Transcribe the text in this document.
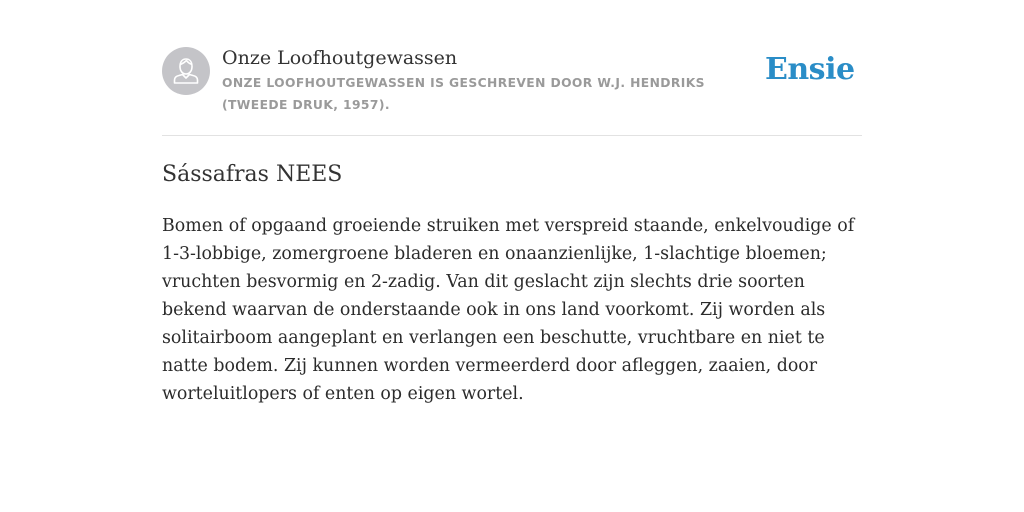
Onze Loofhoutgewassen
ONZE LOOFHOUTGEWASSEN IS GESCHREVEN DOOR W.J. HENDRIKS (TWEEDE DRUK, 1957).
Ensie
Sássafras NEES

Bomen of opgaand groeiende struiken met verspreid staande, enkelvoudige of 1-3-lobbige, zomergroene bladeren en onaanzienlijke, 1-slachtige bloemen; vruchten besvormig en 2-zadig. Van dit geslacht zijn slechts drie soorten bekend waarvan de onderstaande ook in ons land voorkomt. Zij worden als solitairboom aangeplant en verlangen een beschutte, vruchtbare en niet te natte bodem. Zij kunnen worden vermeerderd door afleggen, zaaien, door worteluitlopers of enten op eigen wortel.
